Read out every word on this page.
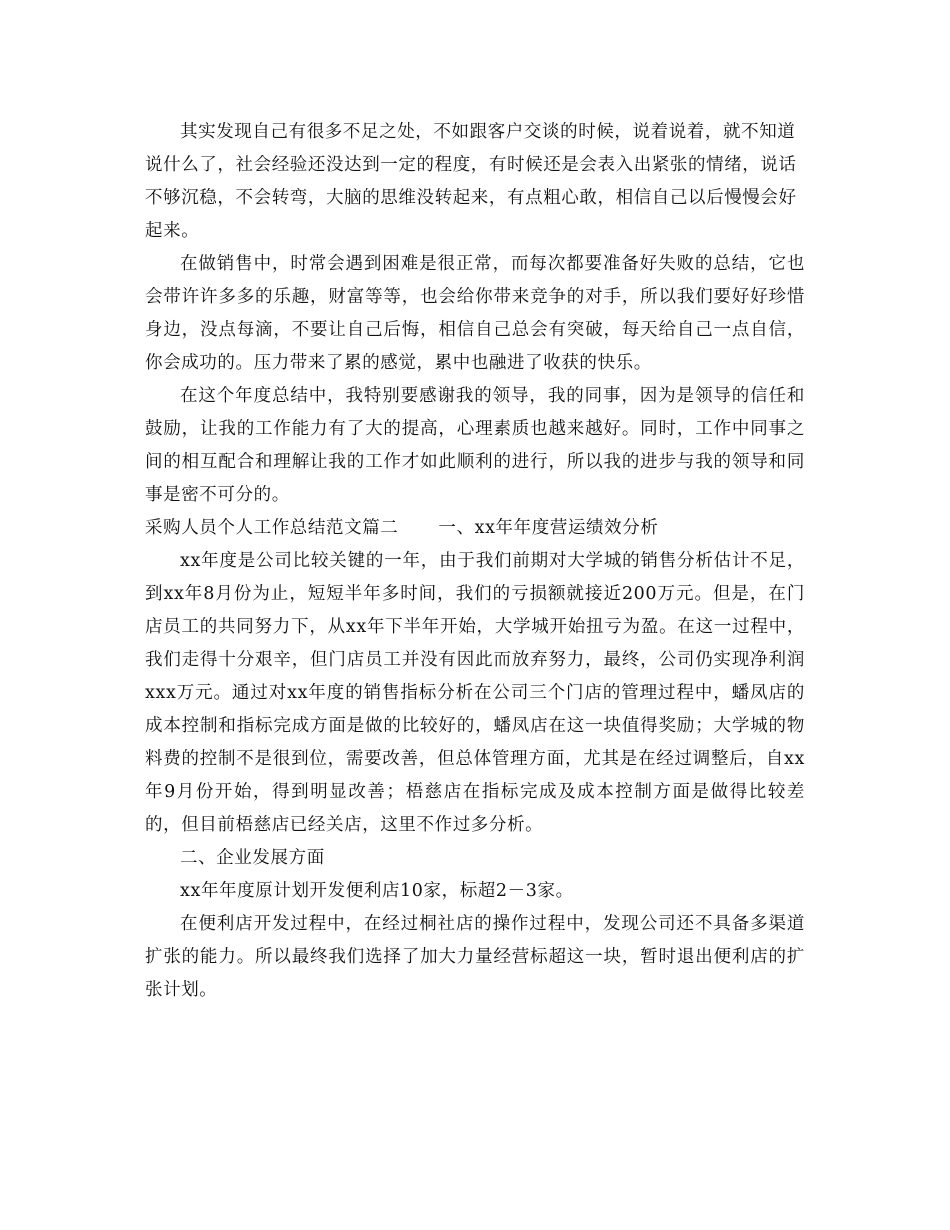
其实发现自己有很多不足之处，不如跟客户交谈的时候，说着说着，就不知道说什么了，社会经验还没达到一定的程度，有时候还是会表入出紧张的情绪，说话不够沉稳，不会转弯，大脑的思维没转起来，有点粗心敢，相信自己以后慢慢会好起来。

在做销售中，时常会遇到困难是很正常，而每次都要准备好失败的总结，它也会带许许多多的乐趣，财富等等，也会给你带来竞争的对手，所以我们要好好珍惜身边，没点每滴，不要让自己后悔，相信自己总会有突破，每天给自己一点自信，你会成功的。压力带来了累的感觉，累中也融进了收获的快乐。

在这个年度总结中，我特别要感谢我的领导，我的同事，因为是领导的信任和鼓励，让我的工作能力有了大的提高，心理素质也越来越好。同时，工作中同事之间的相互配合和理解让我的工作才如此顺利的进行，所以我的进步与我的领导和同事是密不可分的。

采购人员个人工作总结范文篇二 一、xx年年度营运绩效分析

xx年度是公司比较关键的一年，由于我们前期对大学城的销售分析估计不足，到xx年8月份为止，短短半年多时间，我们的亏损额就接近200万元。但是，在门店员工的共同努力下，从xx年下半年开始，大学城开始扭亏为盈。在这一过程中，我们走得十分艰辛，但门店员工并没有因此而放弃努力，最终，公司仍实现净利润xxx万元。通过对xx年度的销售指标分析在公司三个门店的管理过程中，蟠凤店的成本控制和指标完成方面是做的比较好的，蟠凤店在这一块值得奖励；大学城的物料费的控制不是很到位，需要改善，但总体管理方面，尤其是在经过调整后，自xx年9月份开始，得到明显改善；梧慈店在指标完成及成本控制方面是做得比较差的，但目前梧慈店已经关店，这里不作过多分析。

二、企业发展方面

xx年年度原计划开发便利店10家，标超2－3家。

在便利店开发过程中，在经过桐社店的操作过程中，发现公司还不具备多渠道扩张的能力。所以最终我们选择了加大力量经营标超这一块，暂时退出便利店的扩张计划。
